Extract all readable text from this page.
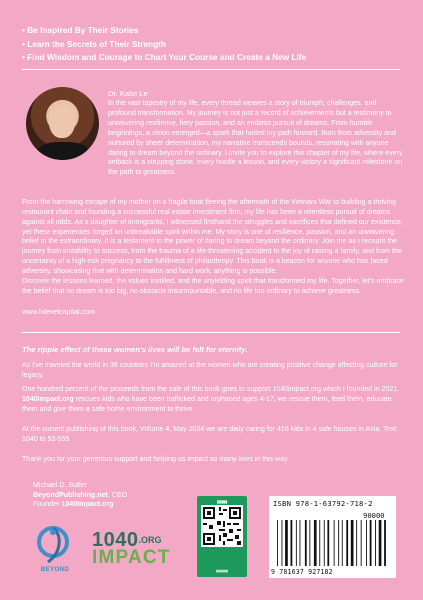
• Be Inspired By Their Stories
• Learn the Secrets of Their Strength
• Find Wisdom and Courage to Chart Your Course and Create a New Life
Dr. Katie Le

In the vast tapestry of my life, every thread weaves a story of triumph, challenges, and profound transformation. My journey is not just a record of achievements but a testimony to unwavering resilience, fiery passion, and an endless pursuit of dreams. From humble beginnings, a vision emerged—a spark that fueled my path forward. Born from adversity and nurtured by sheer determination, my narrative transcends bounds, resonating with anyone daring to dream beyond the ordinary. I invite you to explore this chapter of my life, where every setback is a stepping stone, every hurdle a lesson, and every victory a significant milestone on the path to greatness.

From the harrowing escape of my mother on a fragile boat fleeing the aftermath of the Vietnam War to building a thriving restaurant chain and founding a successful real estate investment firm, my life has been a relentless pursuit of dreams against all odds. As a daughter of immigrants, I witnessed firsthand the struggles and sacrifices that defined our existence, yet these experiences forged an unbreakable spirit within me. My story is one of resilience, passion, and an unwavering belief in the extraordinary. It is a testament to the power of daring to dream beyond the ordinary. Join me as I recount the journey from instability to success, from the trauma of a life-threatening accident to the joy of raising a family, and from the uncertainty of a high-risk pregnancy to the fulfillment of philanthropy. This book is a beacon for anyone who has faced adversity, showcasing that with determination and hard work, anything is possible.

Discover the lessons learned, the values instilled, and the unyielding spirit that transformed my life. Together, let's embrace the belief that no dream is too big, no obstacle insurmountable, and no life too ordinary to achieve greatness.

www.hilevelcapital.com
The ripple effect of these women's lives will be felt for eternity.

As I've traveled the world in 38 countries I'm amazed at the women who are creating positive change affecting culture for legacy.

One hundred percent of the proceeds from the sale of this book goes to support 1040impact.org which I founded in 2021. 1040Impact.org rescues kids who have been trafficked and orphaned ages 4-17, we rescue them, feed them, educate them and give them a safe home environment to thrive.

At the current publishing of this book, Volume 4, May 2024 we are daily caring for 416 kids in 4 safe houses in Asia. Text: 1040 to 53-555

Thank you for your generous support and helping us impact so many lives in this way.

Michael D. Butler
BeyondPublishing.net, CEO
Founder 1040Impact.org
BEYOND
$1040^{.ORG}$
IMPACT
▮▮▮▮▮
▮▮▮▮▮▮
ISBN 978-1-63792-718-2
90000
9 781637 927182
